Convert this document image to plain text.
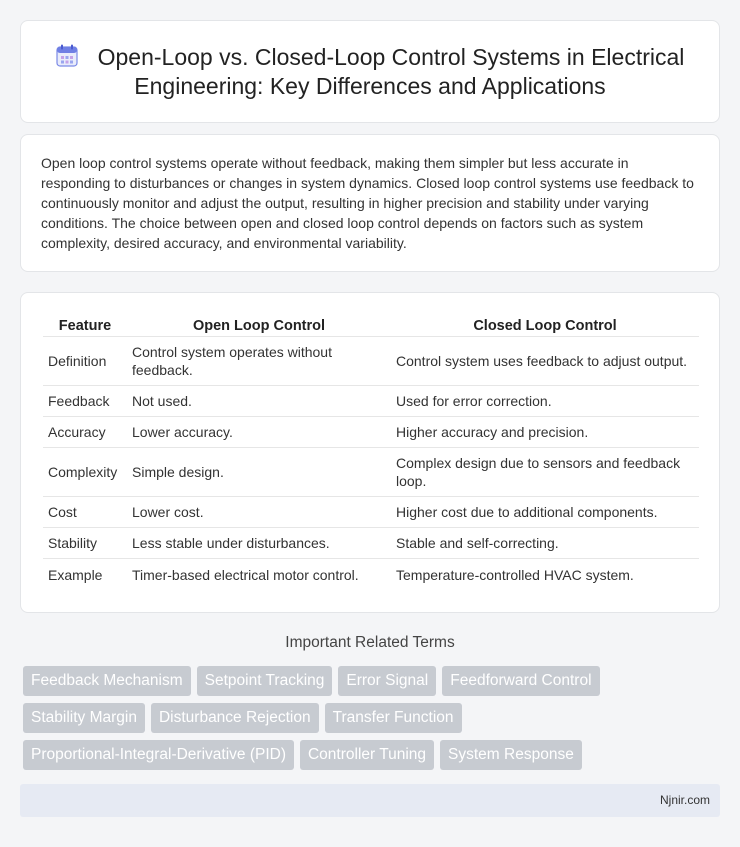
Open-Loop vs. Closed-Loop Control Systems in Electrical
Engineering: Key Differences and Applications

Open loop control systems operate without feedback, making them simpler but less accurate in responding to disturbances or changes in system dynamics. Closed loop control systems use feedback to continuously monitor and adjust the output, resulting in higher precision and stability under varying conditions. The choice between open and closed loop control depends on factors such as system complexity, desired accuracy, and environmental variability.

Feature	Open Loop Control	Closed Loop Control
Definition	Control system operates without feedback.	Control system uses feedback to adjust output.
Feedback	Not used.	Used for error correction.
Accuracy	Lower accuracy.	Higher accuracy and precision.
Complexity	Simple design.	Complex design due to sensors and feedback loop.
Cost	Lower cost.	Higher cost due to additional components.
Stability	Less stable under disturbances.	Stable and self-correcting.
Example	Timer-based electrical motor control.	Temperature-controlled HVAC system.
Important Related Terms
Feedback Mechanism Setpoint Tracking Error Signal Feedforward Control
Stability Margin Disturbance Rejection Transfer Function
Proportional-Integral-Derivative (PID) Controller Tuning System Response
Njnir.com
